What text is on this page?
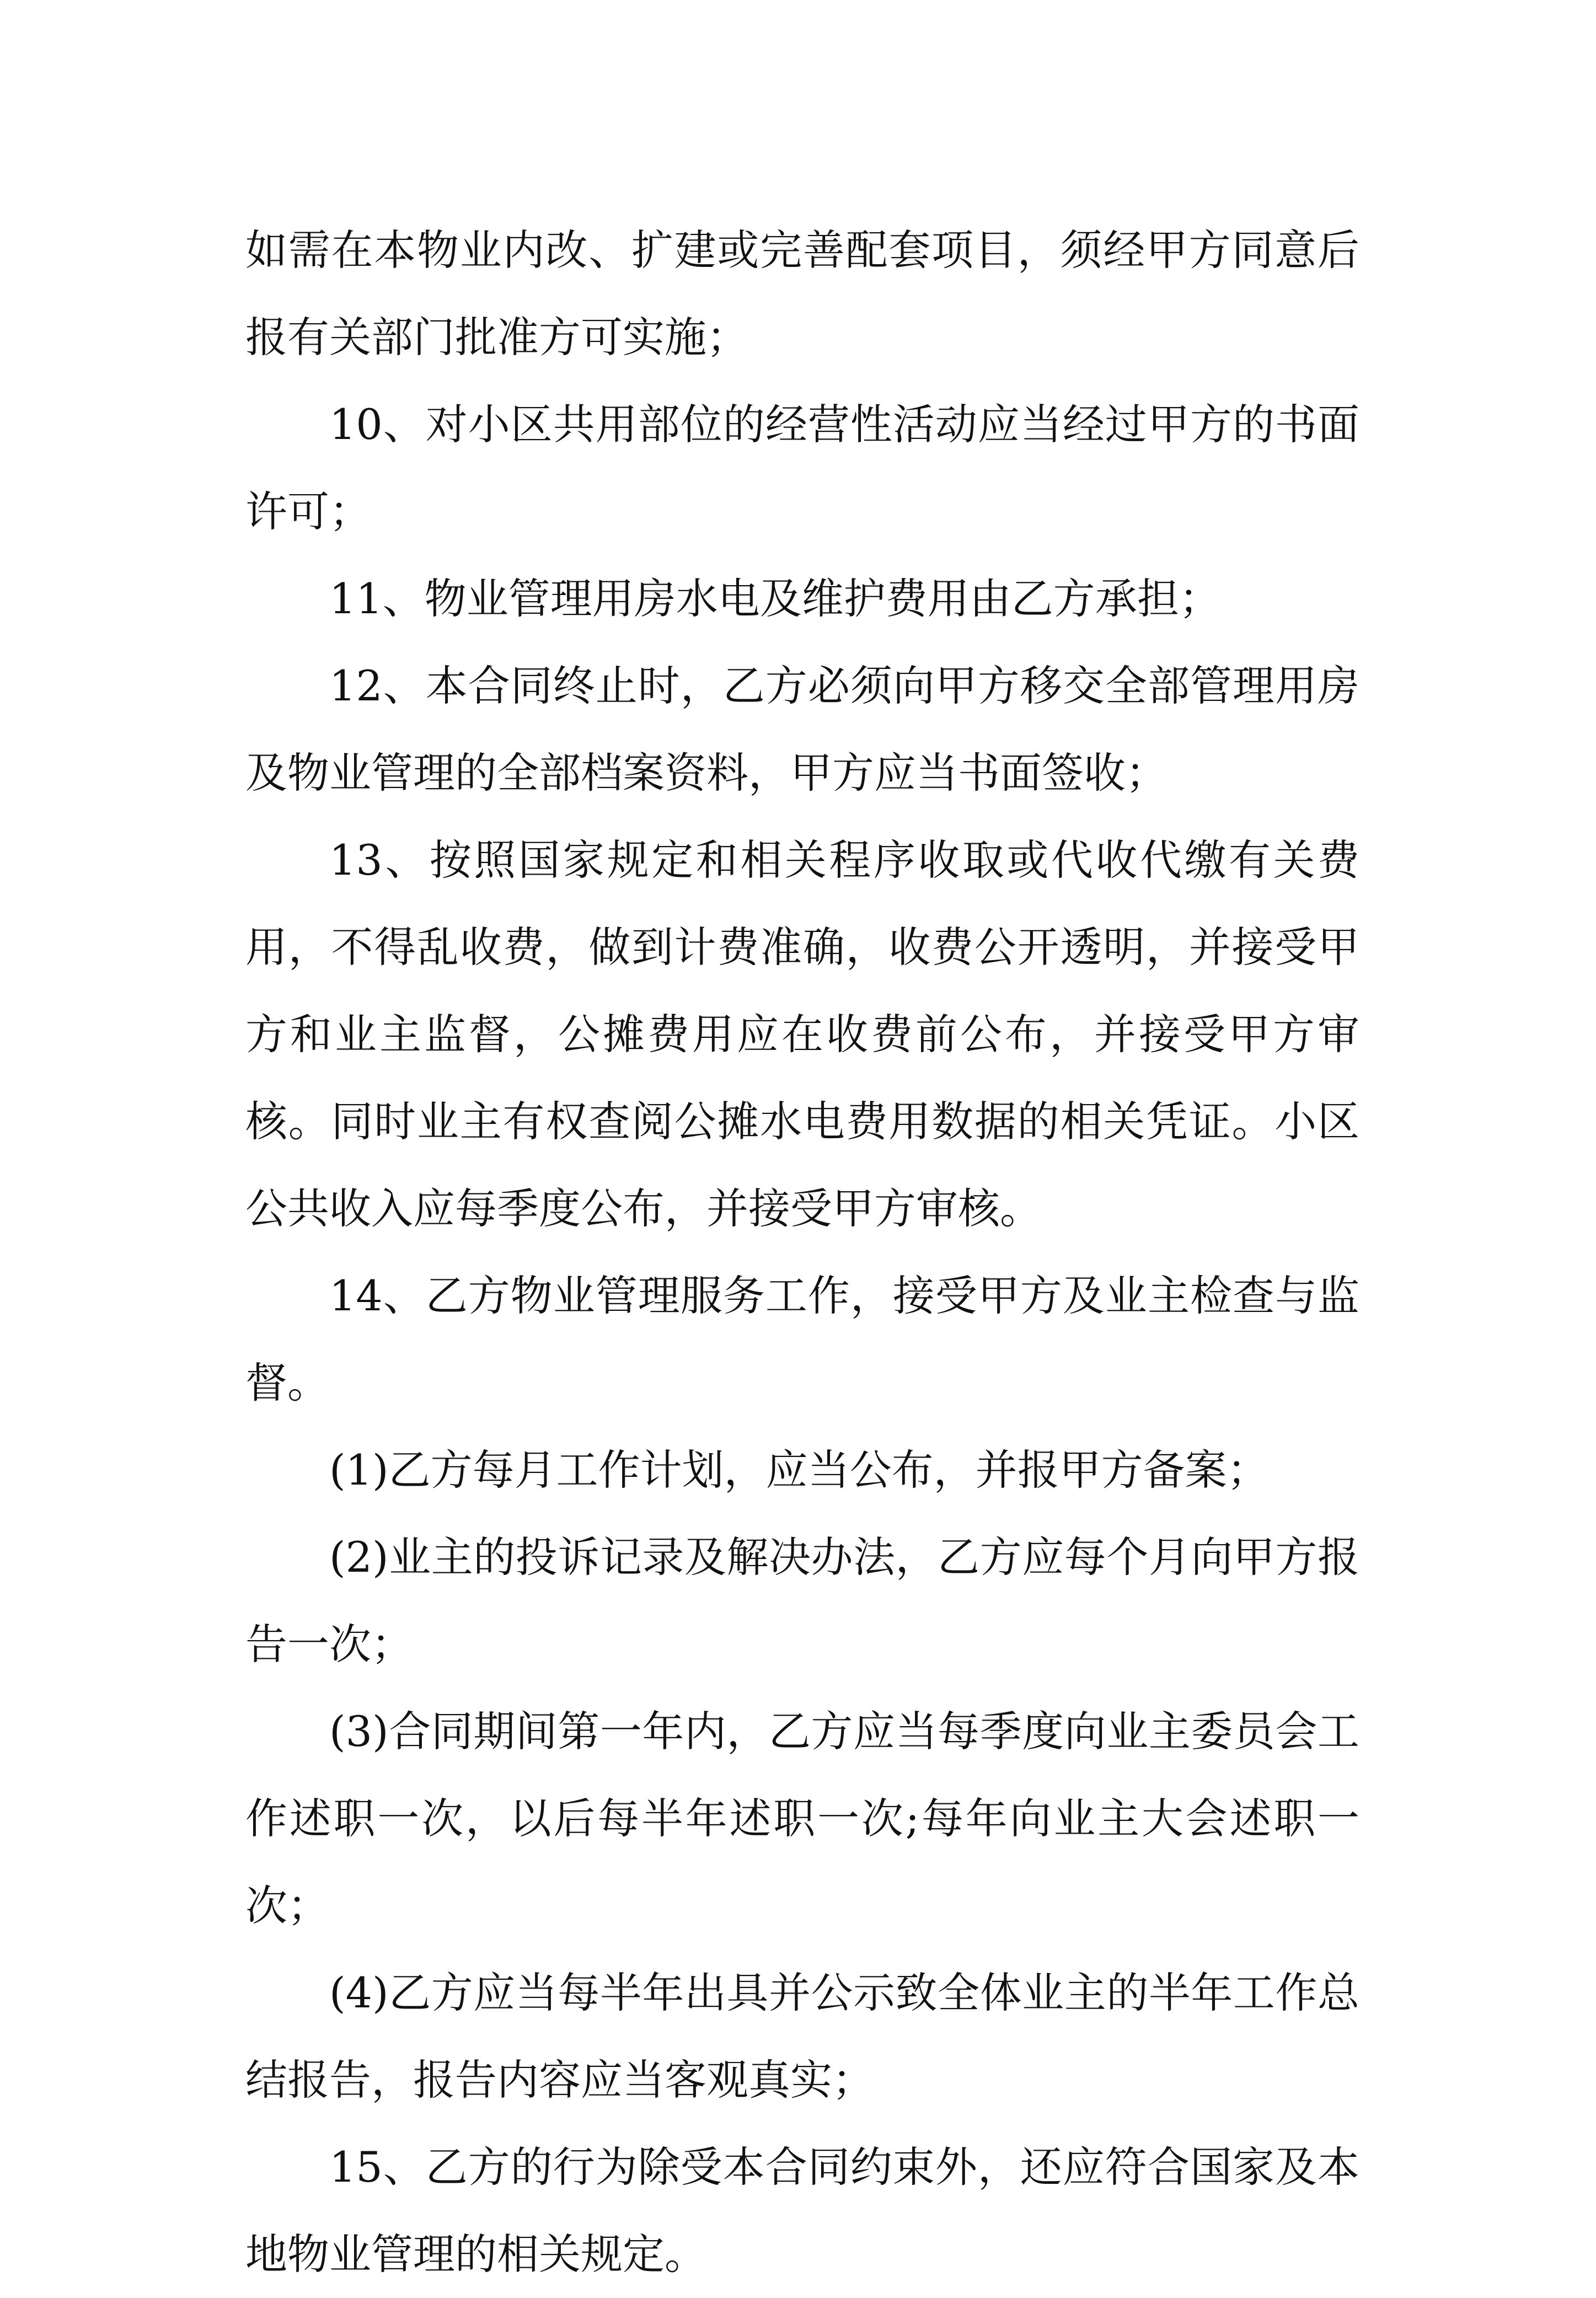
如需在本物业内改、扩建或完善配套项目，须经甲方同意后报有关部门批准方可实施；

10、对小区共用部位的经营性活动应当经过甲方的书面许可；

11、物业管理用房水电及维护费用由乙方承担；

12、本合同终止时，乙方必须向甲方移交全部管理用房及物业管理的全部档案资料，甲方应当书面签收；

13、按照国家规定和相关程序收取或代收代缴有关费用，不得乱收费，做到计费准确，收费公开透明，并接受甲方和业主监督，公摊费用应在收费前公布，并接受甲方审核。同时业主有权查阅公摊水电费用数据的相关凭证。小区公共收入应每季度公布，并接受甲方审核。

14、乙方物业管理服务工作，接受甲方及业主检查与监督。

(1)乙方每月工作计划，应当公布，并报甲方备案；

(2)业主的投诉记录及解决办法，乙方应每个月向甲方报告一次；

(3)合同期间第一年内，乙方应当每季度向业主委员会工作述职一次，以后每半年述职一次;每年向业主大会述职一次；

(4)乙方应当每半年出具并公示致全体业主的半年工作总结报告，报告内容应当客观真实；

15、乙方的行为除受本合同约束外，还应符合国家及本地物业管理的相关规定。
